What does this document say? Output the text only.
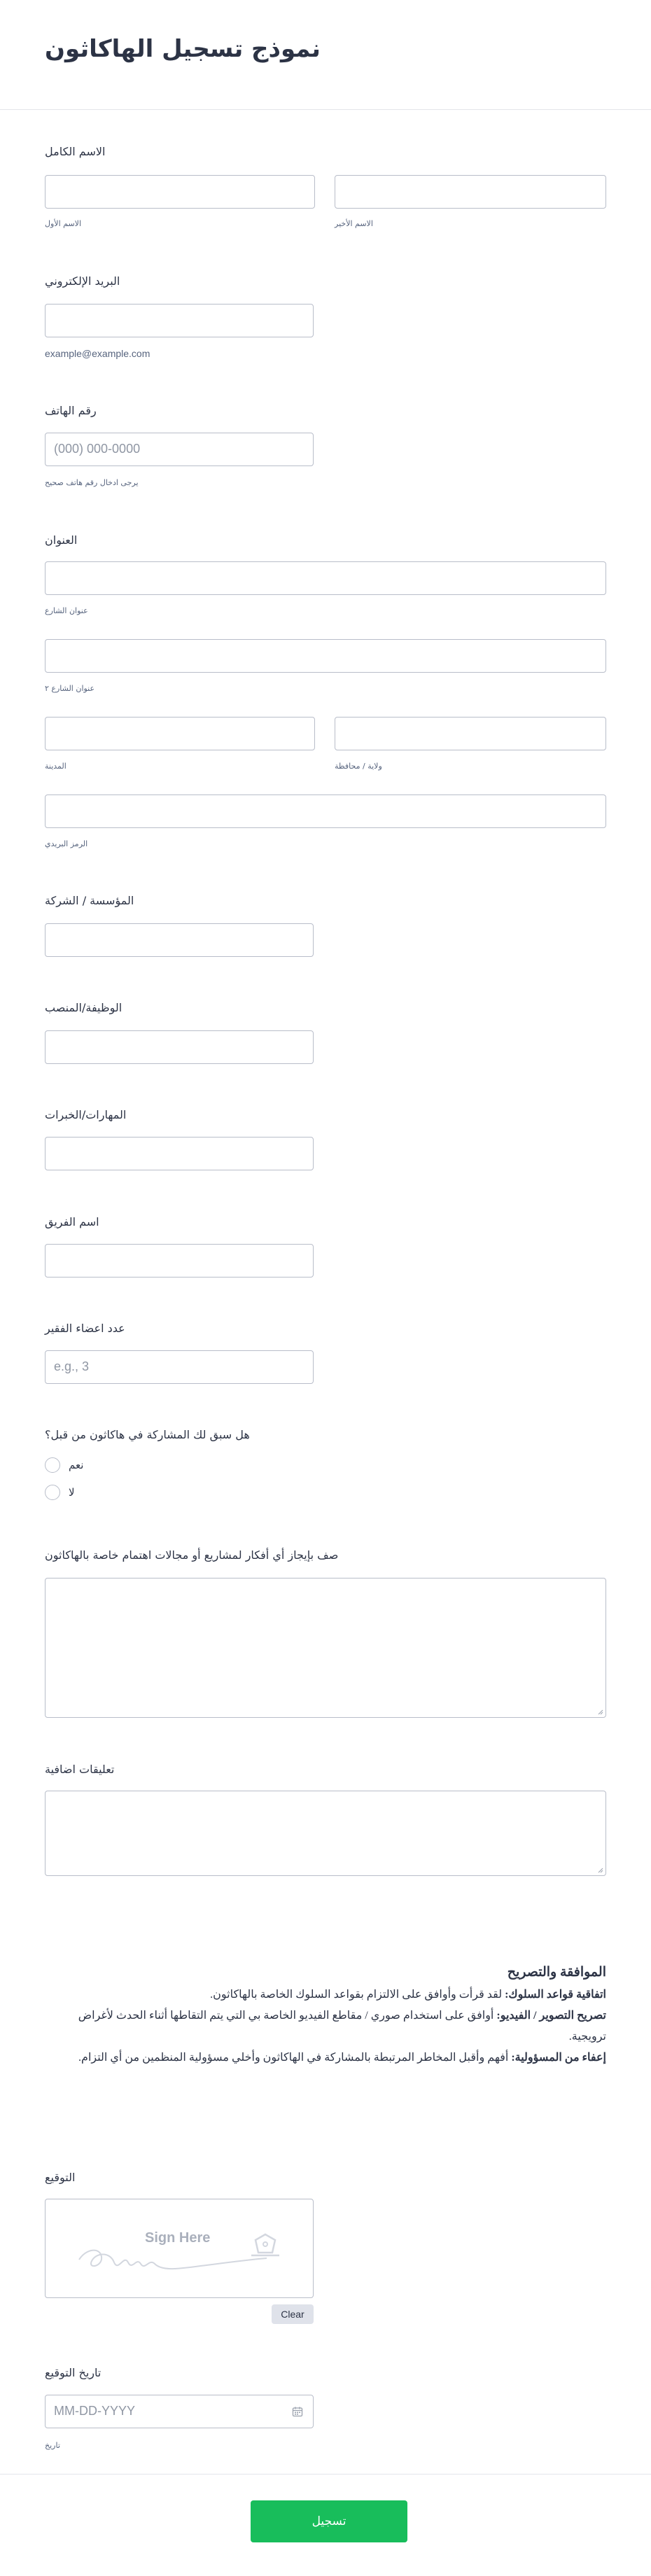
نموذج تسجيل الهاكاثون
الاسم الكامل
الاسم الأول	الاسم الأخير
البريد الإلكتروني
example@example.com
رقم الهاتف
(000) 000-0000
يرجى ادخال رقم هاتف صحيح
العنوان
عنوان الشارع
عنوان الشارع ٢
المدينة	ولاية / محافظة
الرمز البريدي
المؤسسة / الشركة
الوظيفة/المنصب
المهارات/الخبرات
اسم الفريق
عدد اعضاء الفقير
e.g., 3
هل سبق لك المشاركة في هاكاثون من قبل؟
نعم
لا
صف بإيجاز أي أفكار لمشاريع أو مجالات اهتمام خاصة بالهاكاثون
تعليقات اضافية
الموافقة والتصريح

اتفاقية قواعد السلوك: لقد قرأت وأوافق على الالتزام بقواعد السلوك الخاصة بالهاكاثون.

تصريح التصوير / الفيديو: أوافق على استخدام صوري / مقاطع الفيديو الخاصة بي التي يتم التقاطها أثناء الحدث لأغراض ترويجية.

إعفاء من المسؤولية: أفهم وأقبل المخاطر المرتبطة بالمشاركة في الهاكاثون وأخلي مسؤولية المنظمين من أي التزام.

التوقيع
Sign Here
Clear
تاريخ التوقيع
MM-DD-YYYY
تاريخ
تسجيل
